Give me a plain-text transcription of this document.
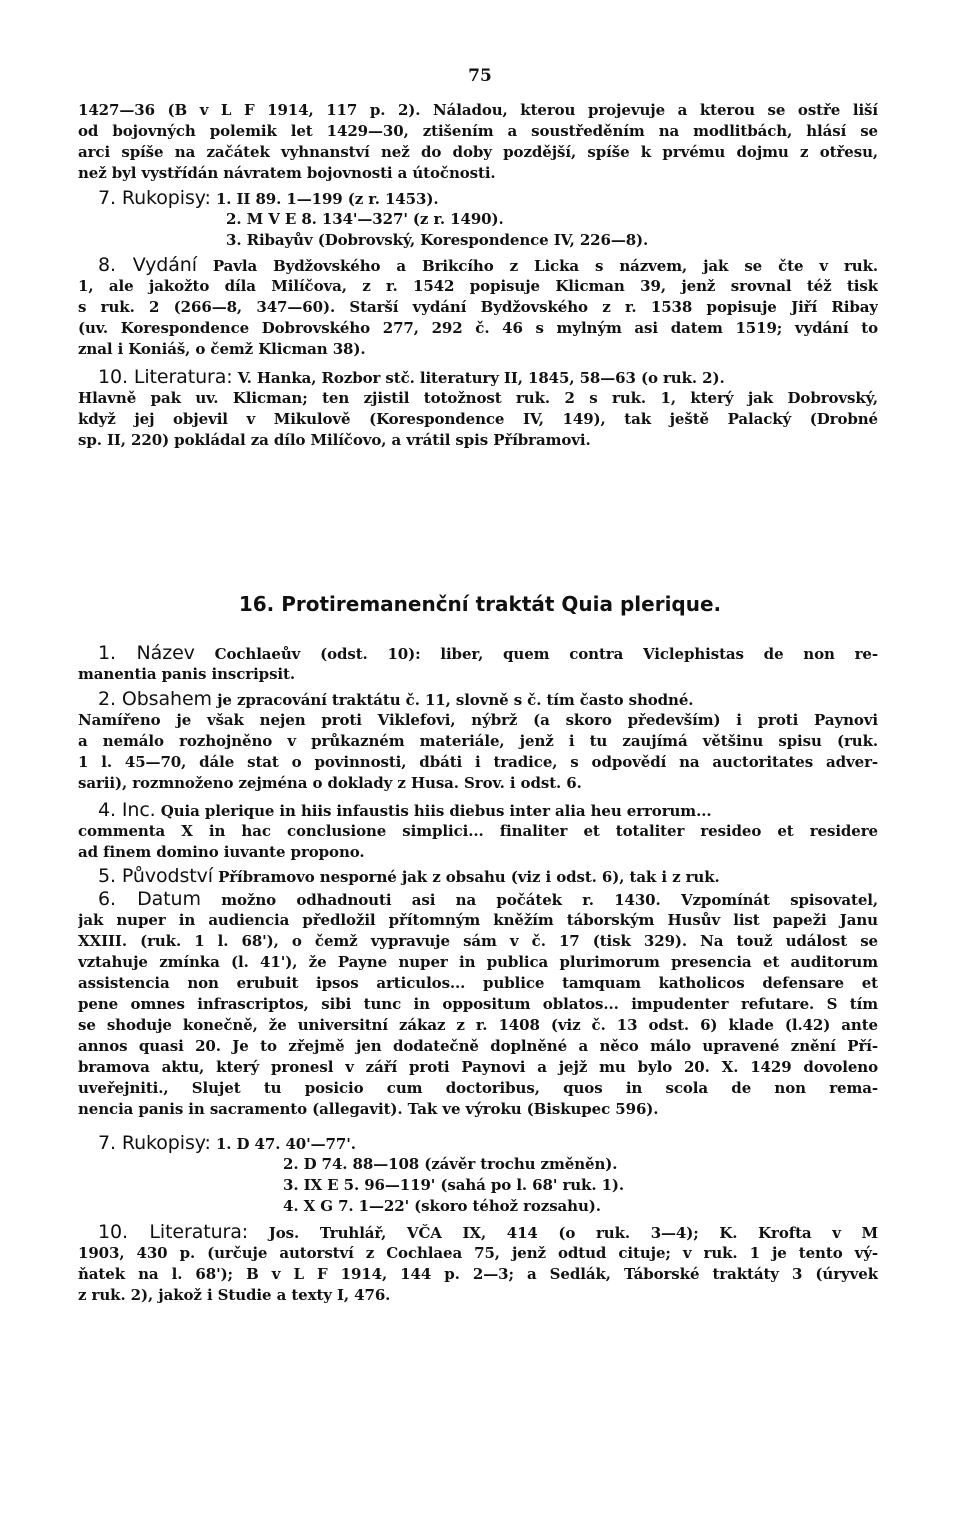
75
1427—36 (B v L F 1914, 117 p. 2). Náladou, kterou projevuje a kterou se ostře liší
od bojovných polemik let 1429—30, ztišením a soustředěním na modlitbách, hlásí se
arci spíše na začátek vyhnanství než do doby pozdější, spíše k prvému dojmu z otřesu,
než byl vystřídán návratem bojovnosti a útočnosti.
7. Rukopisy: 1. II 89. 1—199 (z r. 1453).
2. M V E 8. 134'—327' (z r. 1490).
3. Ribayův (Dobrovský, Korespondence IV, 226—8).
8. Vydání Pavla Bydžovského a Brikcího z Licka s názvem, jak se čte v ruk.
1, ale jakožto díla Milíčova, z r. 1542 popisuje Klicman 39, jenž srovnal též tisk
s ruk. 2 (266—8, 347—60). Starší vydání Bydžovského z r. 1538 popisuje Jiří Ribay
(uv. Korespondence Dobrovského 277, 292 č. 46 s mylným asi datem 1519; vydání to
znal i Koniáš, o čemž Klicman 38).
10. Literatura: V. Hanka, Rozbor stč. literatury II, 1845, 58—63 (o ruk. 2).
Hlavně pak uv. Klicman; ten zjistil totožnost ruk. 2 s ruk. 1, který jak Dobrovský,
když jej objevil v Mikulově (Korespondence IV, 149), tak ještě Palacký (Drobné
sp. II, 220) pokládal za dílo Milíčovo, a vrátil spis Příbramovi.
16. Protiremanenční traktát Quia plerique.
1. Název Cochlaeův (odst. 10): liber, quem contra Viclephistas de non re-
manentia panis inscripsit.
2. Obsahem je zpracování traktátu č. 11, slovně s č. tím často shodné.
Namířeno je však nejen proti Viklefovi, nýbrž (a skoro především) i proti Paynovi
a nemálo rozhojněno v průkazném materiále, jenž i tu zaujímá většinu spisu (ruk.
1 l. 45—70, dále stat o povinnosti, dbáti i tradice, s odpovědí na auctoritates adver-
sarii), rozmnoženo zejména o doklady z Husa. Srov. i odst. 6.
4. Inc. Quia plerique in hiis infaustis hiis diebus inter alia heu errorum...
commenta X in hac conclusione simplici... finaliter et totaliter resideo et residere
ad finem domino iuvante propono.
5. Původství Příbramovo nesporné jak z obsahu (viz i odst. 6), tak i z ruk.
6. Datum možno odhadnouti asi na počátek r. 1430. Vzpomínát spisovatel,
jak nuper in audiencia předložil přítomným kněžím táborským Husův list papeži Janu
XXIII. (ruk. 1 l. 68'), o čemž vypravuje sám v č. 17 (tisk 329). Na touž událost se
vztahuje zmínka (l. 41'), že Payne nuper in publica plurimorum presencia et auditorum
assistencia non erubuit ipsos articulos... publice tamquam katholicos defensare et
pene omnes infrascriptos, sibi tunc in oppositum oblatos... impudenter refutare. S tím
se shoduje konečně, že universitní zákaz z r. 1408 (viz č. 13 odst. 6) klade (l.42) ante
annos quasi 20. Je to zřejmě jen dodatečně doplněné a něco málo upravené znění Pří-
bramova aktu, který pronesl v září proti Paynovi a jejž mu bylo 20. X. 1429 dovoleno
uveřejniti., Slujet tu posicio cum doctoribus, quos in scola de non rema-
nencia panis in sacramento (allegavit). Tak ve výroku (Biskupec 596).
7. Rukopisy: 1. D 47. 40'—77'.
2. D 74. 88—108 (závěr trochu změněn).
3. IX E 5. 96—119' (sahá po l. 68' ruk. 1).
4. X G 7. 1—22' (skoro téhož rozsahu).
10. Literatura: Jos. Truhlář, VČA IX, 414 (o ruk. 3—4); K. Krofta v M
1903, 430 p. (určuje autorství z Cochlaea 75, jenž odtud cituje; v ruk. 1 je tento vý-
ňatek na l. 68'); B v L F 1914, 144 p. 2—3; a Sedlák, Táborské traktáty 3 (úryvek
z ruk. 2), jakož i Studie a texty I, 476.
